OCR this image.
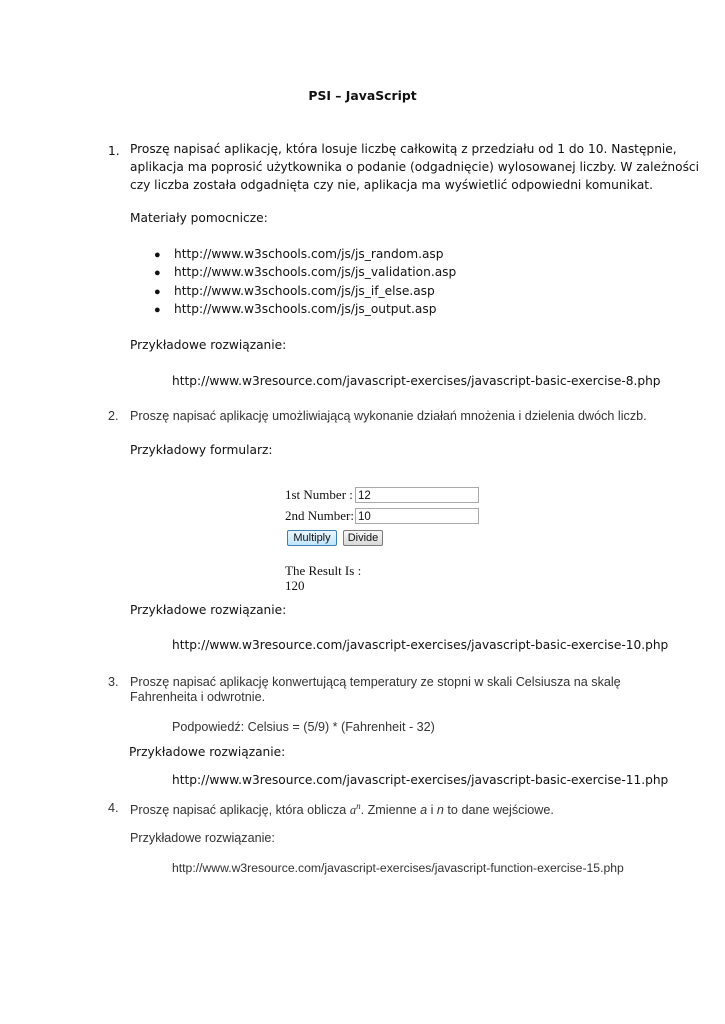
PSI – JavaScript
1. Proszę napisać aplikację, która losuje liczbę całkowitą z przedziału od 1 do 10. Następnie,
aplikacja ma poprosić użytkownika o podanie (odgadnięcie) wylosowanej liczby. W zależności
czy liczba została odgadnięta czy nie, aplikacja ma wyświetlić odpowiedni komunikat.
Materiały pomocnicze:
● http://www.w3schools.com/js/js_random.asp
● http://www.w3schools.com/js/js_validation.asp
● http://www.w3schools.com/js/js_if_else.asp
● http://www.w3schools.com/js/js_output.asp
Przykładowe rozwiązanie:
http://www.w3resource.com/javascript-exercises/javascript-basic-exercise-8.php
2. Proszę napisać aplikację umożliwiającą wykonanie działań mnożenia i dzielenia dwóch liczb.
Przykładowy formularz:
1st Number : 12
2nd Number: 10
Multiply	Divide
The Result Is :
120
Przykładowe rozwiązanie:
http://www.w3resource.com/javascript-exercises/javascript-basic-exercise-10.php
3. Proszę napisać aplikację konwertującą temperatury ze stopni w skali Celsiusza na skalę
Fahrenheita i odwrotnie.
Podpowiedź: Celsius = (5/9) * (Fahrenheit - 32)
Przykładowe rozwiązanie:
http://www.w3resource.com/javascript-exercises/javascript-basic-exercise-11.php
4. Proszę napisać aplikację, która oblicza $a^n$. Zmienne a i n to dane wejściowe.
Przykładowe rozwiązanie:
http://www.w3resource.com/javascript-exercises/javascript-function-exercise-15.php
